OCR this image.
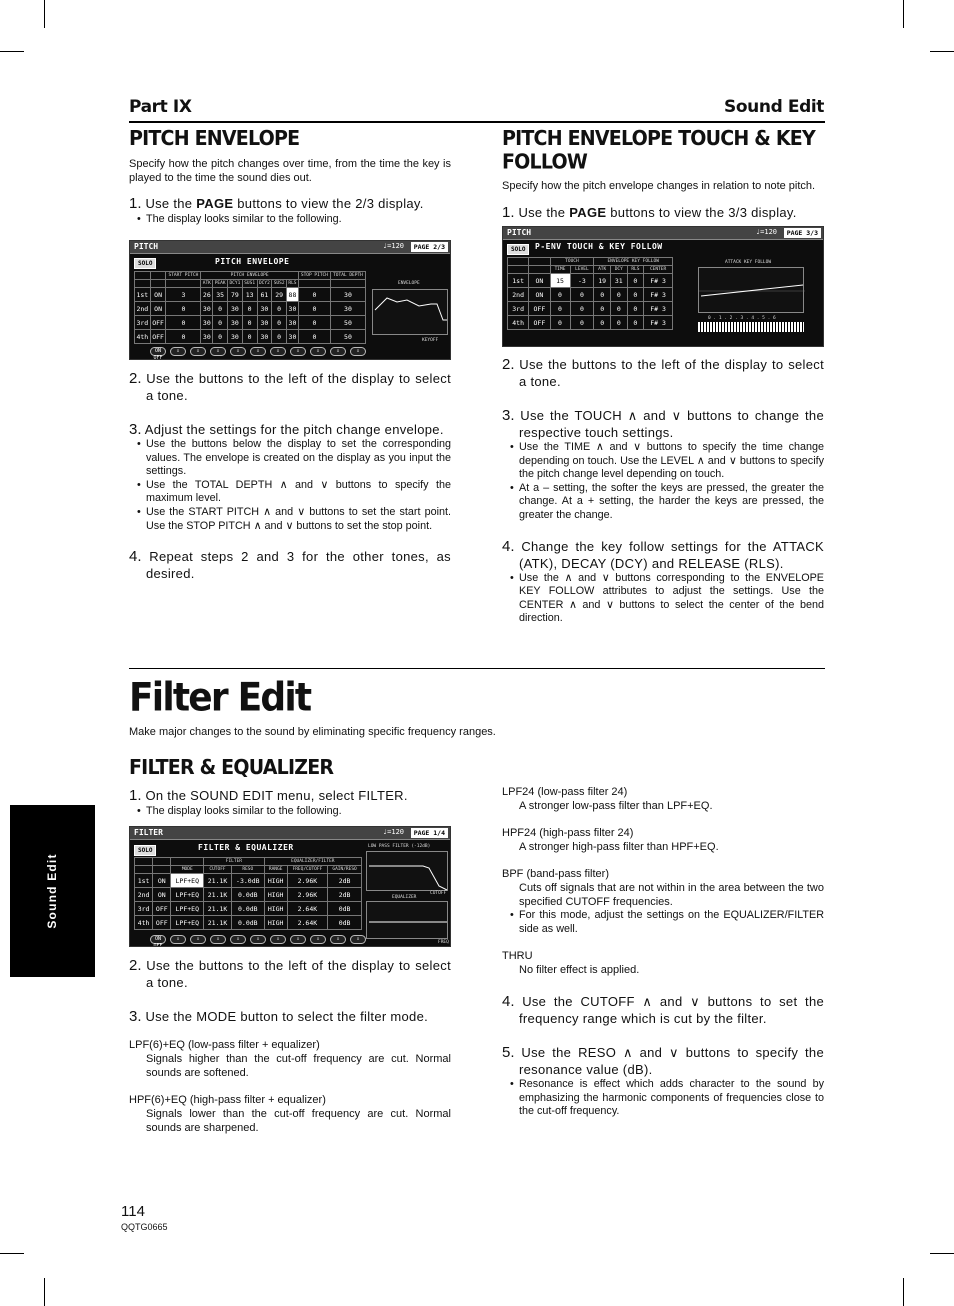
Part IX	Sound Edit
PITCH ENVELOPE
Specify how the pitch changes over time, from the time the key is played to the time the sound dies out.
1. Use the PAGE buttons to view the 2/3 display.
• The display looks similar to the following.
PITCH	♩=120	PAGE 2/3
SOLO	PITCH ENVELOPE
		START PITCH	PITCH ENVELOPE							STOP PITCH	TOTAL DEPTH
			ATK	PEAK	DCY1	SUS1	DCY2	SUS2	RLS		
1st	ON	3	26	35	79	13	61	29	88	0	30
2nd	ON	0	30	0	30	0	30	0	30	0	30
3rd	OFF	0	30	0	30	0	30	0	30	0	50
4th	OFF	0	30	0	30	0	30	0	30	0	50
ENVELOPE
KEYOFF
ON OFF
⇕	⇕	⇕	⇕	⇕	⇕	⇕	⇕	⇕	⇕
2. Use the buttons to the left of the display to select a tone.
3. Adjust the settings for the pitch change envelope.
• Use the buttons below the display to set the corresponding values. The envelope is created on the display as you input the settings.
• Use the TOTAL DEPTH ∧ and ∨ buttons to specify the maximum level.
• Use the START PITCH ∧ and ∨ buttons to set the start point. Use the STOP PITCH ∧ and ∨ buttons to set the stop point.
4. Repeat steps 2 and 3 for the other tones, as desired.
PITCH ENVELOPE TOUCH & KEY FOLLOW
Specify how the pitch envelope changes in relation to note pitch.
1. Use the PAGE buttons to view the 3/3 display.
PITCH	♩=120	PAGE 3/3
SOLO	P-ENV TOUCH & KEY FOLLOW
		TOUCH		ENVELOPE KEY FOLLOW			
		TIME	LEVEL	ATK	DCY	RLS	CENTER
1st	ON	15	-3	19	31	0	F# 3
2nd	ON	0	0	0	0	0	F# 3
3rd	OFF	0	0	0	0	0	F# 3
4th	OFF	0	0	0	0	0	F# 3
ATTACK KEY FOLLOW
0 . 1 . 2 . 3 . 4 . 5 . 6
2. Use the buttons to the left of the display to select a tone.
3. Use the TOUCH ∧ and ∨ buttons to change the respective touch settings.
• Use the TIME ∧ and ∨ buttons to specify the time change depending on touch. Use the LEVEL ∧ and ∨ buttons to specify the pitch change level depending on touch.
• At a – setting, the softer the keys are pressed, the greater the change. At a + setting, the harder the keys are pressed, the greater the change.
4. Change the key follow settings for the ATTACK (ATK), DECAY (DCY) and RELEASE (RLS).
• Use the ∧ and ∨ buttons corresponding to the ENVELOPE KEY FOLLOW attributes to adjust the settings. Use the CENTER ∧ and ∨ buttons to select the center of the bend direction.
Filter Edit
Make major changes to the sound by eliminating specific frequency ranges.
FILTER & EQUALIZER
1. On the SOUND EDIT menu, select FILTER.
• The display looks similar to the following.
FILTER	♩=120	PAGE 1/4
SOLO	FILTER & EQUALIZER
			FILTER		EQUALIZER/FILTER		
		MODE	CUTOFF	RESO	RANGE	FREQ/CUTOFF	GAIN/RESO
1st	ON	LPF+EQ	21.1K	-3.0dB	HIGH	2.96K	2dB
2nd	ON	LPF+EQ	21.1K	0.0dB	HIGH	2.96K	2dB
3rd	OFF	LPF+EQ	21.1K	0.0dB	HIGH	2.64K	0dB
4th	OFF	LPF+EQ	21.1K	0.0dB	HIGH	2.64K	0dB
LOW PASS FILTER (-12dB)
CUTOFF
EQUALIZER
FREQ
ON OFF
⇕	⇕	⇕	⇕	⇕	⇕	⇕	⇕	⇕	⇕
2. Use the buttons to the left of the display to select a tone.
3. Use the MODE button to select the filter mode.
LPF(6)+EQ (low-pass filter + equalizer)
Signals higher than the cut-off frequency are cut. Normal sounds are softened.
HPF(6)+EQ (high-pass filter + equalizer)
Signals lower than the cut-off frequency are cut. Normal sounds are sharpened.
LPF24 (low-pass filter 24)
A stronger low-pass filter than LPF+EQ.
HPF24 (high-pass filter 24)
A stronger high-pass filter than HPF+EQ.
BPF (band-pass filter)
Cuts off signals that are not within in the area between the two specified CUTOFF frequencies.
• For this mode, adjust the settings on the EQUALIZER/FILTER side as well.
THRU
No filter effect is applied.
4. Use the CUTOFF ∧ and ∨ buttons to set the frequency range which is cut by the filter.
5. Use the RESO ∧ and ∨ buttons to specify the resonance value (dB).
• Resonance is effect which adds character to the sound by emphasizing the harmonic components of frequencies close to the cut-off frequency.
Sound Edit
114
QQTG0665
